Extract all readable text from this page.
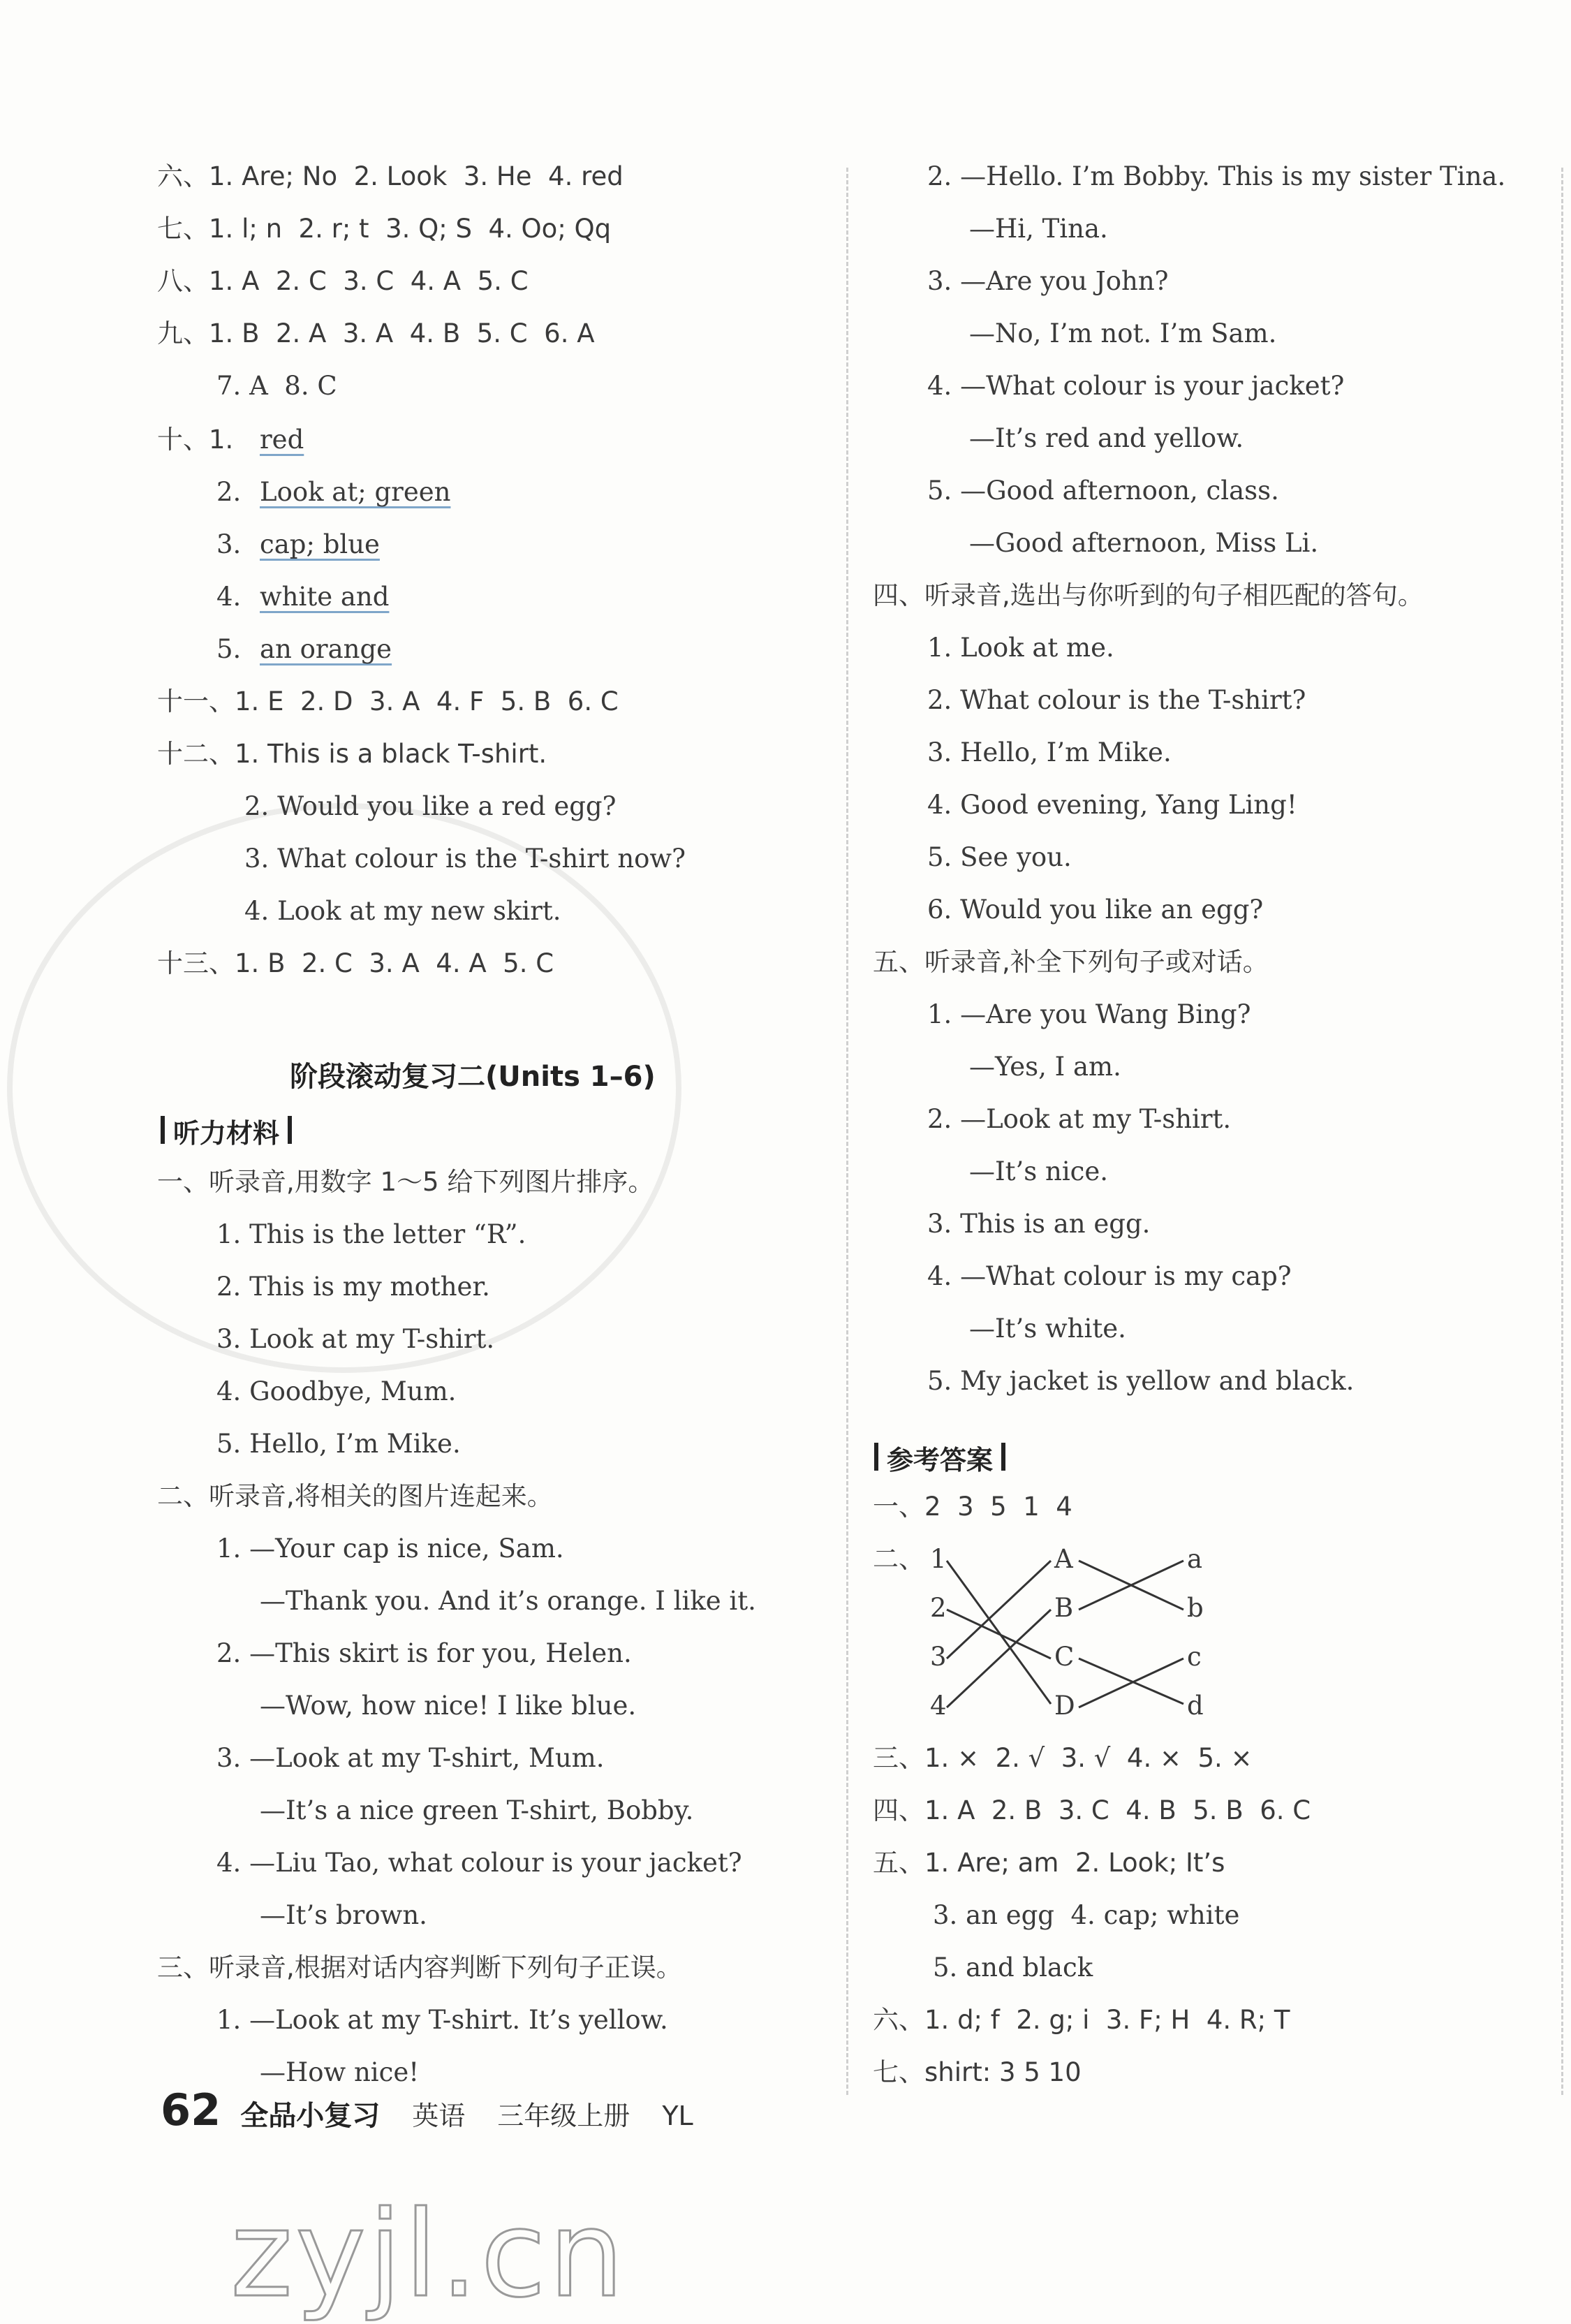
六、1. Are; No  2. Look  3. He  4. red
七、1. l; n  2. r; t  3. Q; S  4. Oo; Qq
八、1. A  2. C  3. C  4. A  5. C
九、1. B  2. A  3. A  4. B  5. C  6. A
7. A  8. C
十、1. red
2. Look at; green
3. cap; blue
4. white and
5. an orange
十一、1. E  2. D  3. A  4. F  5. B  6. C
十二、1. This is a black T-shirt.
2. Would you like a red egg?
3. What colour is the T-shirt now?
4. Look at my new skirt.
十三、1. B  2. C  3. A  4. A  5. C
阶段滚动复习二(Units 1–6)
听力材料
一、听录音,用数字 1～5 给下列图片排序。
1. This is the letter “R”.
2. This is my mother.
3. Look at my T-shirt.
4. Goodbye, Mum.
5. Hello, I’m Mike.
二、听录音,将相关的图片连起来。
1. —Your cap is nice, Sam.
—Thank you. And it’s orange. I like it.
2. —This skirt is for you, Helen.
—Wow, how nice! I like blue.
3. —Look at my T-shirt, Mum.
—It’s a nice green T-shirt, Bobby.
4. —Liu Tao, what colour is your jacket?
—It’s brown.
三、听录音,根据对话内容判断下列句子正误。
1. —Look at my T-shirt. It’s yellow.
—How nice!
2. —Hello. I’m Bobby. This is my sister Tina.
—Hi, Tina.
3. —Are you John?
—No, I’m not. I’m Sam.
4. —What colour is your jacket?
—It’s red and yellow.
5. —Good afternoon, class.
—Good afternoon, Miss Li.
四、听录音,选出与你听到的句子相匹配的答句。
1. Look at me.
2. What colour is the T-shirt?
3. Hello, I’m Mike.
4. Good evening, Yang Ling!
5. See you.
6. Would you like an egg?
五、听录音,补全下列句子或对话。
1. —Are you Wang Bing?
—Yes, I am.
2. —Look at my T-shirt.
—It’s nice.
3. This is an egg.
4. —What colour is my cap?
—It’s white.
5. My jacket is yellow and black.
参考答案
一、2  3  5  1  4
二、 1
2
3
4
A
B
C
D
a
b
c
d
三、1. ×  2. √  3. √  4. ×  5. ×
四、1. A  2. B  3. C  4. B  5. B  6. C
五、1. Are; am  2. Look; It’s
3. an egg  4. cap; white
5. and black
六、1. d; f  2. g; i  3. F; H  4. R; T
七、shirt: 3 5 10
62 全品小复习 英语 三年级上册 YL
zyjl.cn
